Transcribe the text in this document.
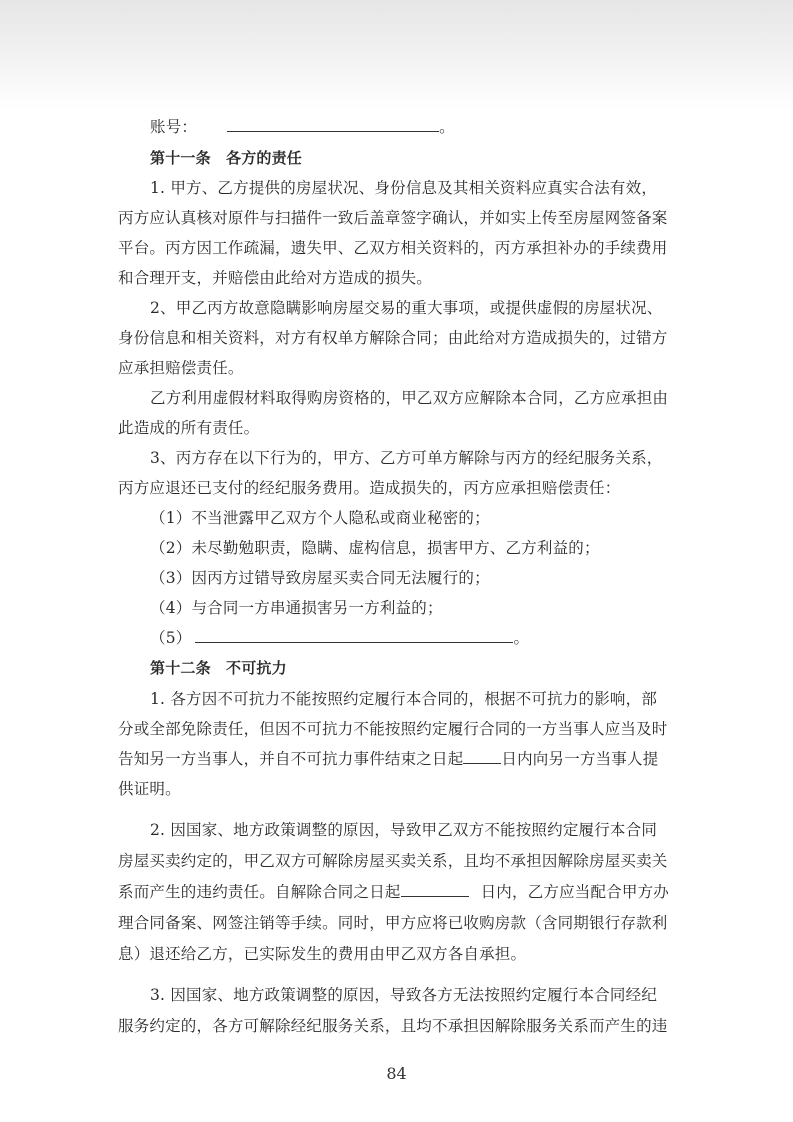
账号：	。
第十一条　各方的责任
1. 甲方、乙方提供的房屋状况、身份信息及其相关资料应真实合法有效，
丙方应认真核对原件与扫描件一致后盖章签字确认，并如实上传至房屋网签备案
平台。丙方因工作疏漏，遗失甲、乙双方相关资料的，丙方承担补办的手续费用
和合理开支，并赔偿由此给对方造成的损失。
2、甲乙丙方故意隐瞒影响房屋交易的重大事项，或提供虚假的房屋状况、
身份信息和相关资料，对方有权单方解除合同；由此给对方造成损失的，过错方
应承担赔偿责任。
乙方利用虚假材料取得购房资格的，甲乙双方应解除本合同，乙方应承担由
此造成的所有责任。
3、丙方存在以下行为的，甲方、乙方可单方解除与丙方的经纪服务关系，
丙方应退还已支付的经纪服务费用。造成损失的，丙方应承担赔偿责任：
（1）不当泄露甲乙双方个人隐私或商业秘密的；
（2）未尽勤勉职责，隐瞒、虚构信息，损害甲方、乙方利益的；
（3）因丙方过错导致房屋买卖合同无法履行的；
（4）与合同一方串通损害另一方利益的；
（5）	。
第十二条　不可抗力
1. 各方因不可抗力不能按照约定履行本合同的，根据不可抗力的影响，部
分或全部免除责任，但因不可抗力不能按照约定履行合同的一方当事人应当及时
告知另一方当事人，并自不可抗力事件结束之日起 日内向另一方当事人提
供证明。
2. 因国家、地方政策调整的原因，导致甲乙双方不能按照约定履行本合同
房屋买卖约定的，甲乙双方可解除房屋买卖关系，且均不承担因解除房屋买卖关
系而产生的违约责任。自解除合同之日起	日内，乙方应当配合甲方办
理合同备案、网签注销等手续。同时，甲方应将已收购房款（含同期银行存款利
息）退还给乙方，已实际发生的费用由甲乙双方各自承担。
3. 因国家、地方政策调整的原因，导致各方无法按照约定履行本合同经纪
服务约定的，各方可解除经纪服务关系，且均不承担因解除服务关系而产生的违
84
